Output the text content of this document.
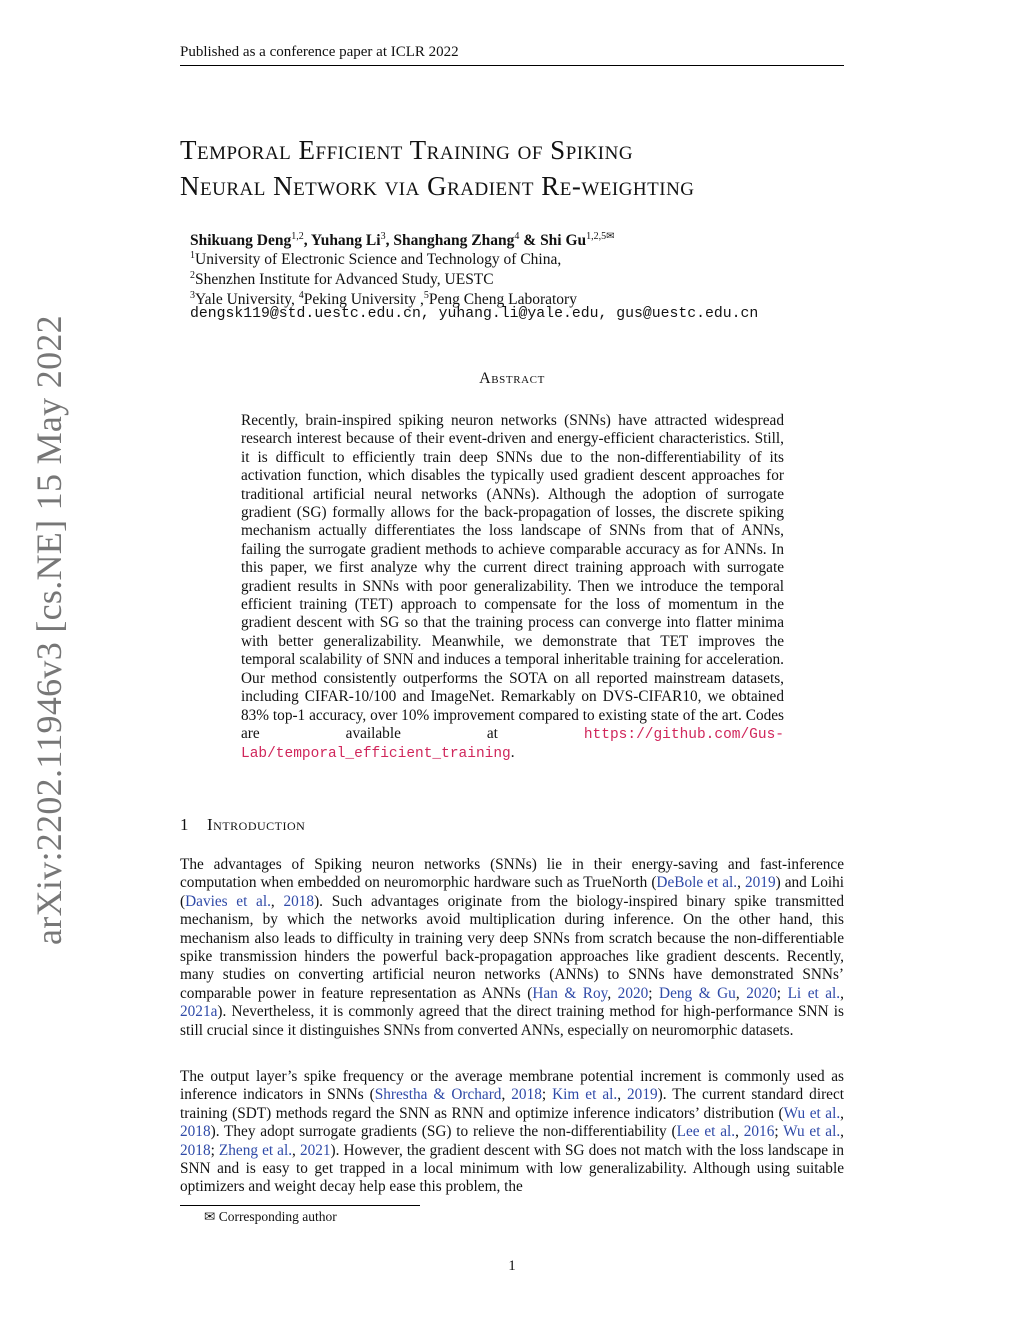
Published as a conference paper at ICLR 2022
arXiv:2202.11946v3 [cs.NE] 15 May 2022
Temporal Efficient Training of Spiking
Neural Network via Gradient Re-weighting
Shikuang Deng$^{1,2}$, Yuhang Li$^3$, Shanghang Zhang$^4$ & Shi $Gu^{1,2,5✉}$
$^1$University of Electronic Science and Technology of China,
$^2$Shenzhen Institute for Advanced Study, UESTC
$^3$Yale University, $^4$Peking University ,$^5$Peng Cheng Laboratory
dengsk119@std.uestc.edu.cn, yuhang.li@yale.edu, gus@uestc.edu.cn
Abstract
Recently, brain-inspired spiking neuron networks (SNNs) have attracted widespread research interest because of their event-driven and energy-efficient characteristics. Still, it is difficult to efficiently train deep SNNs due to the non-differentiability of its activation function, which disables the typically used gradient descent approaches for traditional artificial neural networks (ANNs). Although the adoption of surrogate gradient (SG) formally allows for the back-propagation of losses, the discrete spiking mechanism actually differentiates the loss landscape of SNNs from that of ANNs, failing the surrogate gradient methods to achieve comparable accuracy as for ANNs. In this paper, we first analyze why the current direct training approach with surrogate gradient results in SNNs with poor generalizability. Then we introduce the temporal efficient training (TET) approach to compensate for the loss of momentum in the gradient descent with SG so that the training process can converge into flatter minima with better generalizability. Meanwhile, we demonstrate that TET improves the temporal scalability of SNN and induces a temporal inheritable training for acceleration. Our method consistently outperforms the SOTA on all reported mainstream datasets, including CIFAR-10/100 and ImageNet. Remarkably on DVS-CIFAR10, we obtained 83% top-1 accuracy, over 10% improvement compared to existing state of the art. Codes are available at https://github.com/Gus-Lab/temporal_efficient_training.
1 Introduction
The advantages of Spiking neuron networks (SNNs) lie in their energy-saving and fast-inference computation when embedded on neuromorphic hardware such as TrueNorth (DeBole et al., 2019) and Loihi (Davies et al., 2018). Such advantages originate from the biology-inspired binary spike transmitted mechanism, by which the networks avoid multiplication during inference. On the other hand, this mechanism also leads to difficulty in training very deep SNNs from scratch because the non-differentiable spike transmission hinders the powerful back-propagation approaches like gradient descents. Recently, many studies on converting artificial neuron networks (ANNs) to SNNs have demonstrated SNNs’ comparable power in feature representation as ANNs (Han & Roy, 2020; Deng & Gu, 2020; Li et al., 2021a). Nevertheless, it is commonly agreed that the direct training method for high-performance SNN is still crucial since it distinguishes SNNs from converted ANNs, especially on neuromorphic datasets.
The output layer’s spike frequency or the average membrane potential increment is commonly used as inference indicators in SNNs (Shrestha & Orchard, 2018; Kim et al., 2019). The current standard direct training (SDT) methods regard the SNN as RNN and optimize inference indicators’ distribution (Wu et al., 2018). They adopt surrogate gradients (SG) to relieve the non-differentiability (Lee et al., 2016; Wu et al., 2018; Zheng et al., 2021). However, the gradient descent with SG does not match with the loss landscape in SNN and is easy to get trapped in a local minimum with low generalizability. Although using suitable optimizers and weight decay help ease this problem, the
✉ Corresponding author
1
